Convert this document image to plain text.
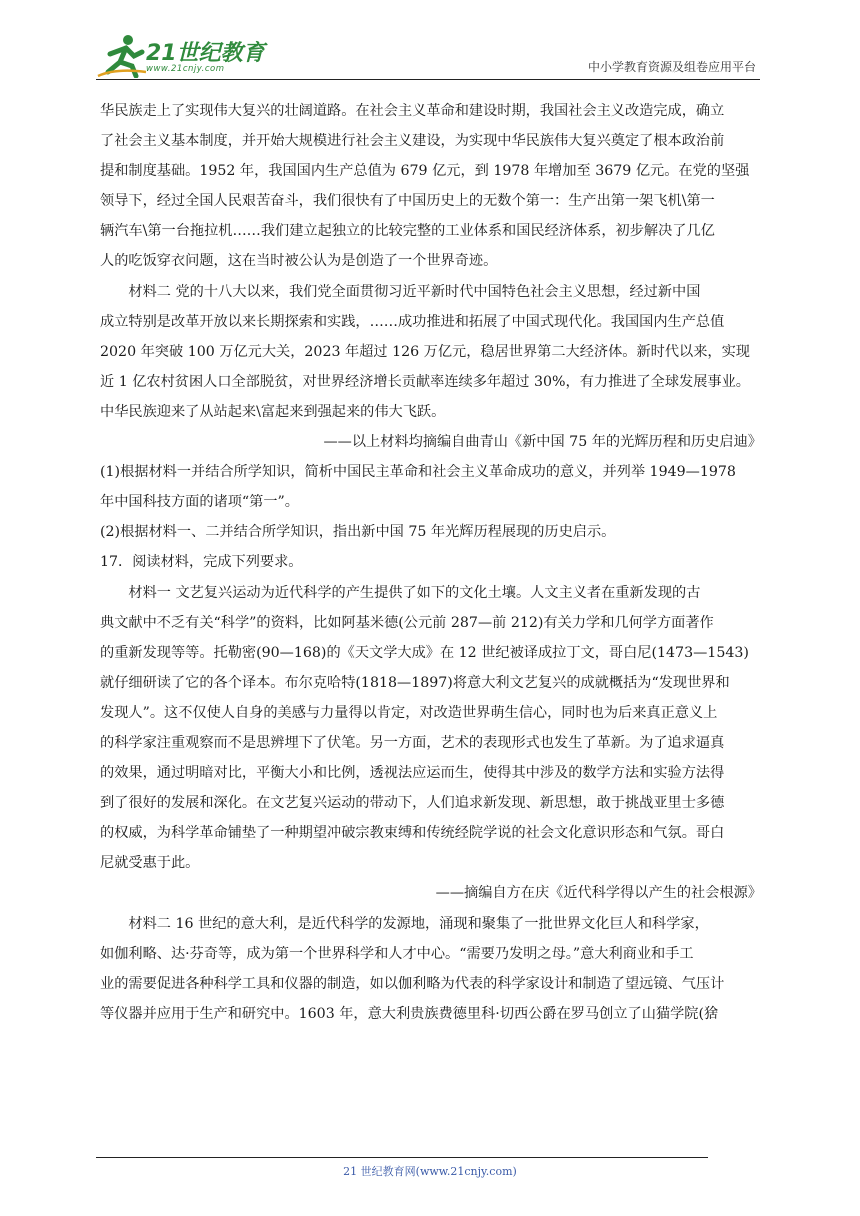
21世纪教育
www.21cnjy.com	中小学教育资源及组卷应用平台

华民族走上了实现伟大复兴的壮阔道路。在社会主义革命和建设时期，我国社会主义改造完成，确立

了社会主义基本制度，并开始大规模进行社会主义建设，为实现中华民族伟大复兴奠定了根本政治前

提和制度基础。1952 年，我国国内生产总值为 679 亿元，到 1978 年增加至 3679 亿元。在党的坚强

领导下，经过全国人民艰苦奋斗，我们很快有了中国历史上的无数个第一：生产出第一架飞机\第一

辆汽车\第一台拖拉机……我们建立起独立的比较完整的工业体系和国民经济体系，初步解决了几亿

人的吃饭穿衣问题，这在当时被公认为是创造了一个世界奇迹。

材料二 党的十八大以来，我们党全面贯彻习近平新时代中国特色社会主义思想，经过新中国

成立特别是改革开放以来长期探索和实践，……成功推进和拓展了中国式现代化。我国国内生产总值

2020 年突破 100 万亿元大关，2023 年超过 126 万亿元，稳居世界第二大经济体。新时代以来，实现

近 1 亿农村贫困人口全部脱贫，对世界经济增长贡献率连续多年超过 30%，有力推进了全球发展事业。

中华民族迎来了从站起来\富起来到强起来的伟大飞跃。

——以上材料均摘编自曲青山《新中国 75 年的光辉历程和历史启迪》

(1)根据材料一并结合所学知识，简析中国民主革命和社会主义革命成功的意义，并列举 1949—1978

年中国科技方面的诸项“第一”。

(2)根据材料一、二并结合所学知识，指出新中国 75 年光辉历程展现的历史启示。

17．阅读材料，完成下列要求。

材料一 文艺复兴运动为近代科学的产生提供了如下的文化土壤。人文主义者在重新发现的古

典文献中不乏有关“科学”的资料，比如阿基米德(公元前 287—前 212)有关力学和几何学方面著作

的重新发现等等。托勒密(90—168)的《天文学大成》在 12 世纪被译成拉丁文，哥白尼(1473—1543)

就仔细研读了它的各个译本。布尔克哈特(1818—1897)将意大利文艺复兴的成就概括为“发现世界和

发现人”。这不仅使人自身的美感与力量得以肯定，对改造世界萌生信心，同时也为后来真正意义上

的科学家注重观察而不是思辨埋下了伏笔。另一方面，艺术的表现形式也发生了革新。为了追求逼真

的效果，通过明暗对比，平衡大小和比例，透视法应运而生，使得其中涉及的数学方法和实验方法得

到了很好的发展和深化。在文艺复兴运动的带动下，人们追求新发现、新思想，敢于挑战亚里士多德

的权威，为科学革命铺垫了一种期望冲破宗教束缚和传统经院学说的社会文化意识形态和气氛。哥白

尼就受惠于此。

——摘编自方在庆《近代科学得以产生的社会根源》

材料二 16 世纪的意大利，是近代科学的发源地，涌现和聚集了一批世界文化巨人和科学家，

如伽利略、达·芬奇等，成为第一个世界科学和人才中心。“需要乃发明之母。”意大利商业和手工

业的需要促进各种科学工具和仪器的制造，如以伽利略为代表的科学家设计和制造了望远镜、气压计

等仪器并应用于生产和研究中。1603 年，意大利贵族费德里科·切西公爵在罗马创立了山猫学院(猞

21 世纪教育网(www.21cnjy.com)
